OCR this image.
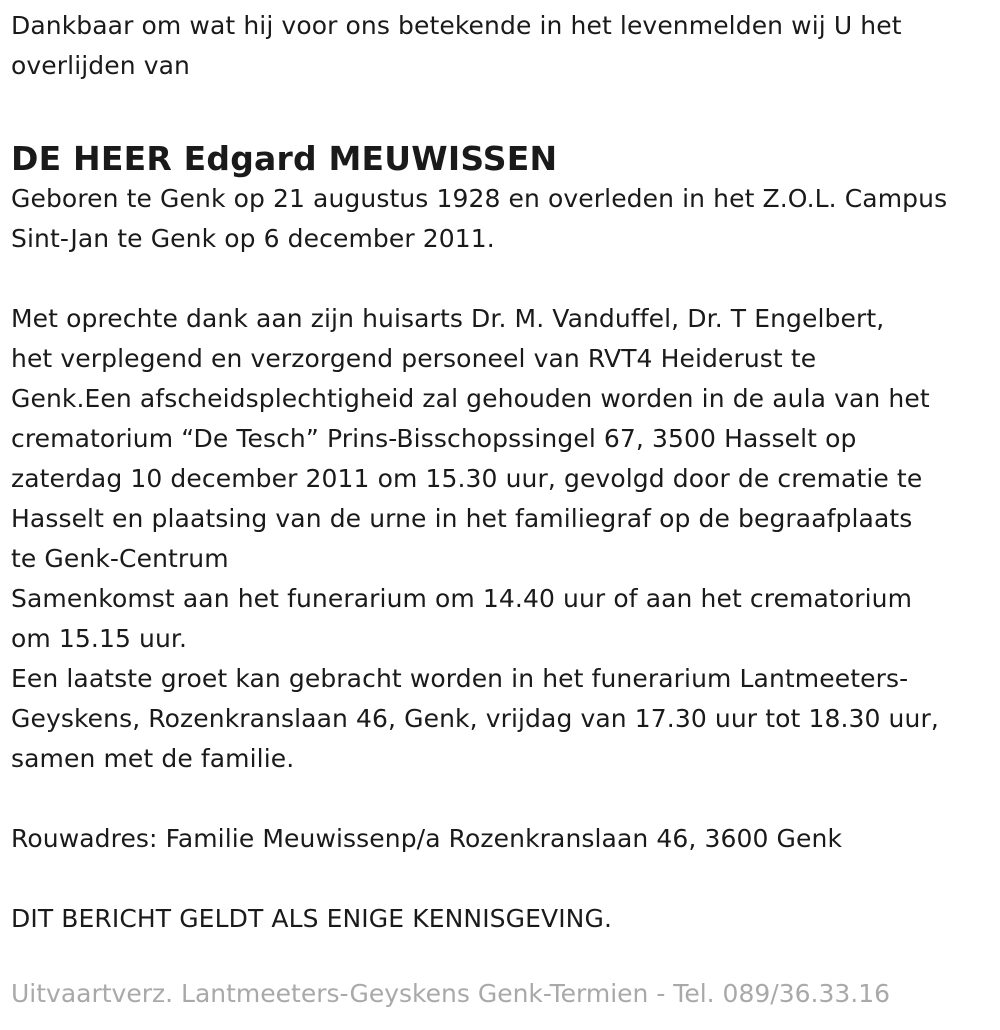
Dankbaar om wat hij voor ons betekende in het levenmelden wij U het
overlijden van
DE HEER Edgard MEUWISSEN
Geboren te Genk op 21 augustus 1928 en overleden in het Z.O.L. Campus
Sint-Jan te Genk op 6 december 2011.
Met oprechte dank aan zijn huisarts Dr. M. Vanduffel, Dr. T Engelbert,
het verplegend en verzorgend personeel van RVT4 Heiderust te
Genk.Een afscheidsplechtigheid zal gehouden worden in de aula van het
crematorium “De Tesch” Prins-Bisschopssingel 67, 3500 Hasselt op
zaterdag 10 december 2011 om 15.30 uur, gevolgd door de crematie te
Hasselt en plaatsing van de urne in het familiegraf op de begraafplaats
te Genk-Centrum
Samenkomst aan het funerarium om 14.40 uur of aan het crematorium
om 15.15 uur.
Een laatste groet kan gebracht worden in het funerarium Lantmeeters-
Geyskens, Rozenkranslaan 46, Genk, vrijdag van 17.30 uur tot 18.30 uur,
samen met de familie.
Rouwadres: Familie Meuwissenp/a Rozenkranslaan 46, 3600 Genk
DIT BERICHT GELDT ALS ENIGE KENNISGEVING.
Uitvaartverz. Lantmeeters-Geyskens Genk-Termien - Tel. 089/36.33.16
